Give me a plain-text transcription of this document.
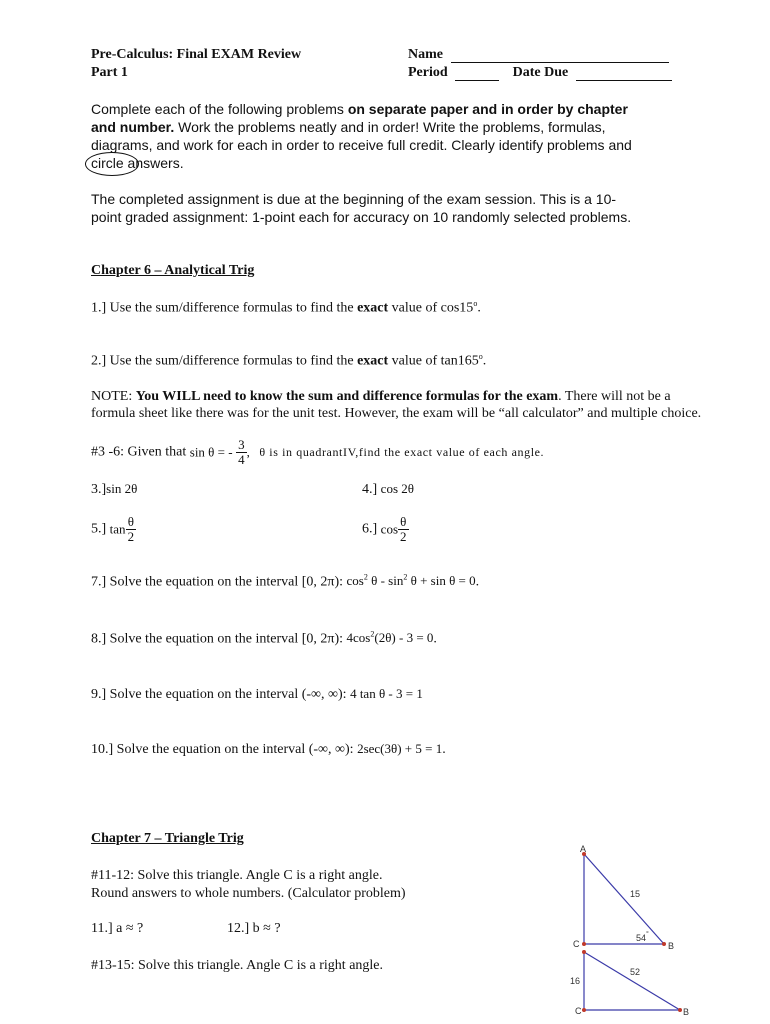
Pre-Calculus: Final EXAM Review
Part 1
Name
Period	Date Due
Complete each of the following problems on separate paper and in order by chapter
and number. Work the problems neatly and in order! Write the problems, formulas,
diagrams, and work for each in order to receive full credit. Clearly identify problems and
circle
answers.
The completed assignment is due at the beginning of the exam session. This is a 10-
point graded assignment: 1-point each for accuracy on 10 randomly selected problems.
Chapter 6 – Analytical Trig
1.] Use the sum/difference formulas to find the exact value of cos15$^o$.
2.] Use the sum/difference formulas to find the exact value of tan165$^o$.
NOTE: You WILL need to know the sum and difference formulas for the exam. There will not be a
formula sheet like there was for the unit test. However, the exam will be “all calculator” and multiple choice.
#3 -6: Given that sin θ = - $\frac{3}{4}$ , θ is in quadrantIV,find the exact value of each angle.
3.]sin 2θ	4.] cos 2θ
5.] $\tan \frac{\theta}{2}$	6.] $\cos \frac{\theta}{2}$
7.] Solve the equation on the interval [0, 2π): $\cos^2 \theta - \sin^2 \theta + \sin \theta = 0$.
8.] Solve the equation on the interval [0, 2π): $4\cos^2(2\theta) - 3 = 0$.
9.] Solve the equation on the interval (-∞, ∞): 4 tan θ - 3 = 1
10.] Solve the equation on the interval (-∞, ∞): 2sec(3θ) + 5 = 1.
Chapter 7 – Triangle Trig
#11-12: Solve this triangle. Angle C is a right angle.
Round answers to whole numbers. (Calculator problem)
11.] a ≈ ?	12.] b ≈ ?
#13-15: Solve this triangle. Angle C is a right angle.
A
C	B
15
54 °
16
52
C	B
